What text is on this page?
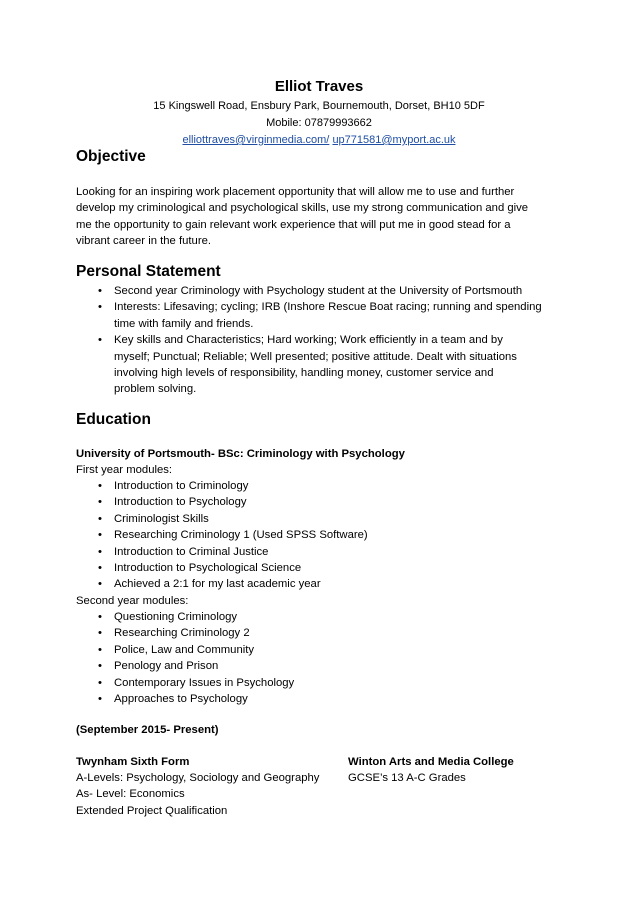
Elliot Traves
15 Kingswell Road, Ensbury Park, Bournemouth, Dorset, BH10 5DF
Mobile: 07879993662
elliottraves@virginmedia.com/ up771581@myport.ac.uk
Objective
Looking for an inspiring work placement opportunity that will allow me to use and further
develop my criminological and psychological skills, use my strong communication and give
me the opportunity to gain relevant work experience that will put me in good stead for a
vibrant career in the future.
Personal Statement
• Second year Criminology with Psychology student at the University of Portsmouth
• Interests: Lifesaving; cycling; IRB (Inshore Rescue Boat racing; running and spending
time with family and friends.
• Key skills and Characteristics; Hard working; Work efficiently in a team and by
myself; Punctual; Reliable; Well presented; positive attitude. Dealt with situations
involving high levels of responsibility, handling money, customer service and
problem solving.
Education
University of Portsmouth- BSc: Criminology with Psychology
First year modules:
• Introduction to Criminology
• Introduction to Psychology
• Criminologist Skills
• Researching Criminology 1 (Used SPSS Software)
• Introduction to Criminal Justice
• Introduction to Psychological Science
• Achieved a 2:1 for my last academic year
Second year modules:
• Questioning Criminology
• Researching Criminology 2
• Police, Law and Community
• Penology and Prison
• Contemporary Issues in Psychology
• Approaches to Psychology
(September 2015- Present)
Twynham Sixth Form
A-Levels: Psychology, Sociology and Geography
As- Level: Economics
Extended Project Qualification
Winton Arts and Media College
GCSE’s 13 A-C Grades
